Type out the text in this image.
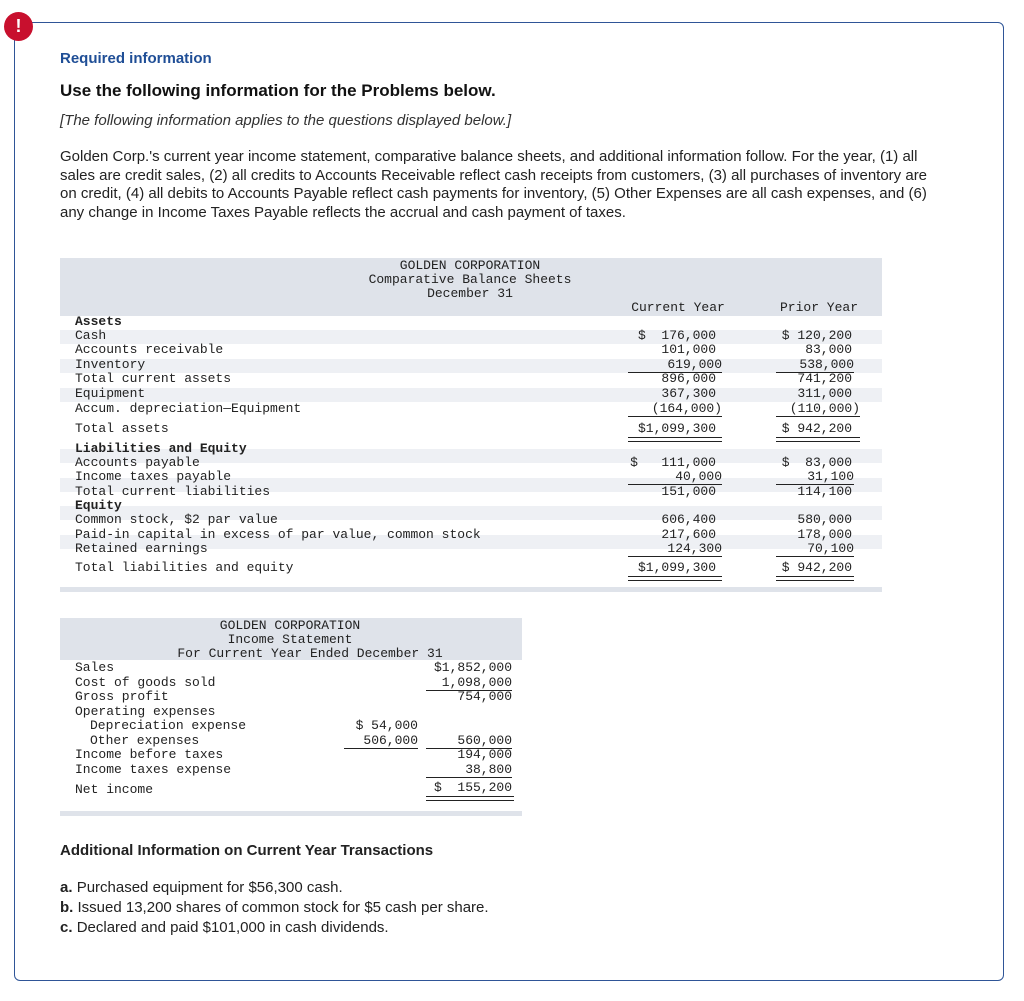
!
Required information
Use the following information for the Problems below.
[The following information applies to the questions displayed below.]
Golden Corp.'s current year income statement, comparative balance sheets, and additional information follow. For the year, (1) all sales are credit sales, (2) all credits to Accounts Receivable reflect cash receipts from customers, (3) all purchases of inventory are on credit, (4) all debits to Accounts Payable reflect cash payments for inventory, (5) Other Expenses are all cash expenses, and (6) any change in Income Taxes Payable reflects the accrual and cash payment of taxes.
GOLDEN CORPORATION
Comparative Balance Sheets
December 31
Current Year	Prior Year
Assets
Cash
Accounts receivable
Inventory
Total current assets
Equipment
Accum. depreciation—Equipment
Total assets
Liabilities and Equity
Accounts payable
Income taxes payable
Total current liabilities
Equity
Common stock, $2 par value
Paid-in capital in excess of par value, common stock
Retained earnings
Total liabilities and equity
$  176,000
101,000
619,000
896,000
367,300
(164,000)
$1,099,300
$   111,000
40,000
151,000
606,400
217,600
124,300
$1,099,300
$ 120,200
83,000
538,000
741,200
311,000
(110,000)
$ 942,200
$  83,000
31,100
114,100
580,000
178,000
70,100
$ 942,200
GOLDEN CORPORATION
Income Statement
For Current Year Ended December 31
Sales
Cost of goods sold
Gross profit
Operating expenses
Depreciation expense
Other expenses
Income before taxes
Income taxes expense
Net income
$ 54,000
506,000
$1,852,000
1,098,000
754,000
560,000
194,000
38,800
$  155,200
Additional Information on Current Year Transactions
a. Purchased equipment for $56,300 cash.
b. Issued 13,200 shares of common stock for $5 cash per share.
c. Declared and paid $101,000 in cash dividends.
